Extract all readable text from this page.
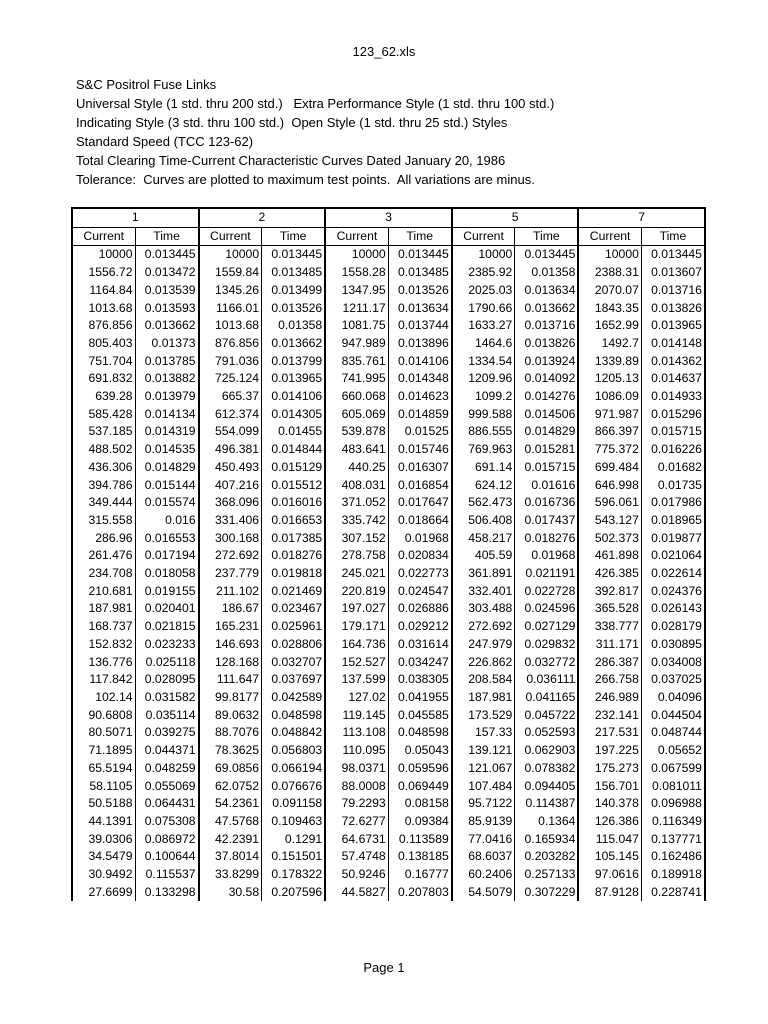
123_62.xls
S&C Positrol Fuse Links
Universal Style (1 std. thru 200 std.)   Extra Performance Style (1 std. thru 100 std.)
Indicating Style (3 std. thru 100 std.)  Open Style (1 std. thru 25 std.) Styles
Standard Speed (TCC 123-62)
Total Clearing Time-Current Characteristic Curves Dated January 20, 1986
Tolerance:  Curves are plotted to maximum test points.  All variations are minus.
1		2		3		5		7	
Current	Time	Current	Time	Current	Time	Current	Time	Current	Time
10000	0.013445	10000	0.013445	10000	0.013445	10000	0.013445	10000	0.013445
1556.72	0.013472	1559.84	0.013485	1558.28	0.013485	2385.92	0.01358	2388.31	0.013607
1164.84	0.013539	1345.26	0.013499	1347.95	0.013526	2025.03	0.013634	2070.07	0.013716
1013.68	0.013593	1166.01	0.013526	1211.17	0.013634	1790.66	0.013662	1843.35	0.013826
876.856	0.013662	1013.68	0.01358	1081.75	0.013744	1633.27	0.013716	1652.99	0.013965
805.403	0.01373	876.856	0.013662	947.989	0.013896	1464.6	0.013826	1492.7	0.014148
751.704	0.013785	791.036	0.013799	835.761	0.014106	1334.54	0.013924	1339.89	0.014362
691.832	0.013882	725.124	0.013965	741.995	0.014348	1209.96	0.014092	1205.13	0.014637
639.28	0.013979	665.37	0.014106	660.068	0.014623	1099.2	0.014276	1086.09	0.014933
585.428	0.014134	612.374	0.014305	605.069	0.014859	999.588	0.014506	971.987	0.015296
537.185	0.014319	554.099	0.01455	539.878	0.01525	886.555	0.014829	866.397	0.015715
488.502	0.014535	496.381	0.014844	483.641	0.015746	769.963	0.015281	775.372	0.016226
436.306	0.014829	450.493	0.015129	440.25	0.016307	691.14	0.015715	699.484	0.01682
394.786	0.015144	407.216	0.015512	408.031	0.016854	624.12	0.01616	646.998	0.01735
349.444	0.015574	368.096	0.016016	371.052	0.017647	562.473	0.016736	596.061	0.017986
315.558	0.016	331.406	0.016653	335.742	0.018664	506.408	0.017437	543.127	0.018965
286.96	0.016553	300.168	0.017385	307.152	0.01968	458.217	0.018276	502.373	0.019877
261.476	0.017194	272.692	0.018276	278.758	0.020834	405.59	0.01968	461.898	0.021064
234.708	0.018058	237.779	0.019818	245.021	0.022773	361.891	0.021191	426.385	0.022614
210.681	0.019155	211.102	0.021469	220.819	0.024547	332.401	0.022728	392.817	0.024376
187.981	0.020401	186.67	0.023467	197.027	0.026886	303.488	0.024596	365.528	0.026143
168.737	0.021815	165.231	0.025961	179.171	0.029212	272.692	0.027129	338.777	0.028179
152.832	0.023233	146.693	0.028806	164.736	0.031614	247.979	0.029832	311.171	0.030895
136.776	0.025118	128.168	0.032707	152.527	0.034247	226.862	0.032772	286.387	0.034008
117.842	0.028095	111.647	0.037697	137.599	0.038305	208.584	0.036111	266.758	0.037025
102.14	0.031582	99.8177	0.042589	127.02	0.041955	187.981	0.041165	246.989	0.04096
90.6808	0.035114	89.0632	0.048598	119.145	0.045585	173.529	0.045722	232.141	0.044504
80.5071	0.039275	88.7076	0.048842	113.108	0.048598	157.33	0.052593	217.531	0.048744
71.1895	0.044371	78.3625	0.056803	110.095	0.05043	139.121	0.062903	197.225	0.05652
65.5194	0.048259	69.0856	0.066194	98.0371	0.059596	121.067	0.078382	175.273	0.067599
58.1105	0.055069	62.0752	0.076676	88.0008	0.069449	107.484	0.094405	156.701	0.081011
50.5188	0.064431	54.2361	0.091158	79.2293	0.08158	95.7122	0.114387	140.378	0.096988
44.1391	0.075308	47.5768	0.109463	72.6277	0.09384	85.9139	0.1364	126.386	0.116349
39.0306	0.086972	42.2391	0.1291	64.6731	0.113589	77.0416	0.165934	115.047	0.137771
34.5479	0.100644	37.8014	0.151501	57.4748	0.138185	68.6037	0.203282	105.145	0.162486
30.9492	0.115537	33.8299	0.178322	50.9246	0.16777	60.2406	0.257133	97.0616	0.189918
27.6699	0.133298	30.58	0.207596	44.5827	0.207803	54.5079	0.307229	87.9128	0.228741
Page 1
